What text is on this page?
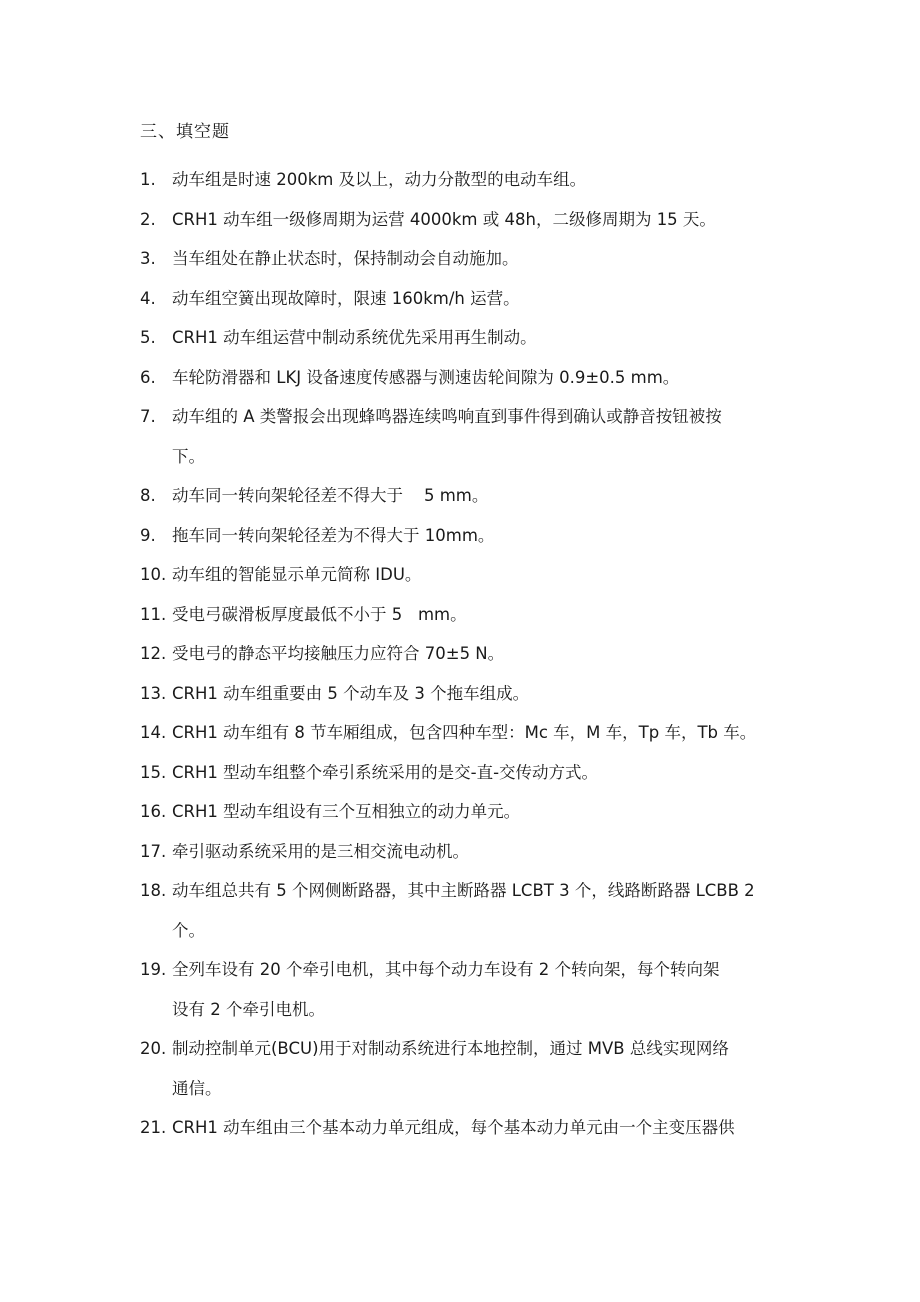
三、填空题
1. 动车组是时速 200km 及以上，动力分散型的电动车组。
2. CRH1 动车组一级修周期为运营 4000km 或 48h，二级修周期为 15 天。
3. 当车组处在静止状态时，保持制动会自动施加。
4. 动车组空簧出现故障时，限速 160km/h 运营。
5. CRH1 动车组运营中制动系统优先采用再生制动。
6. 车轮防滑器和 LKJ 设备速度传感器与测速齿轮间隙为 0.9±0.5 mm。
7. 动车组的 A 类警报会出现蜂鸣器连续鸣响直到事件得到确认或静音按钮被按
下。
8. 动车同一转向架轮径差不得大于    5 mm。
9. 拖车同一转向架轮径差为不得大于 10mm。
10. 动车组的智能显示单元简称 IDU。
11. 受电弓碳滑板厚度最低不小于 5   mm。
12. 受电弓的静态平均接触压力应符合 70±5 N。
13. CRH1 动车组重要由 5 个动车及 3 个拖车组成。
14. CRH1 动车组有 8 节车厢组成，包含四种车型：Mc 车，M 车，Tp 车，Tb 车。
15. CRH1 型动车组整个牵引系统采用的是交-直-交传动方式。
16. CRH1 型动车组设有三个互相独立的动力单元。
17. 牵引驱动系统采用的是三相交流电动机。
18. 动车组总共有 5 个网侧断路器，其中主断路器 LCBT 3 个，线路断路器 LCBB 2
个。
19. 全列车设有 20 个牵引电机，其中每个动力车设有 2 个转向架，每个转向架
设有 2 个牵引电机。
20. 制动控制单元(BCU)用于对制动系统进行本地控制，通过 MVB 总线实现网络
通信。
21. CRH1 动车组由三个基本动力单元组成，每个基本动力单元由一个主变压器供
